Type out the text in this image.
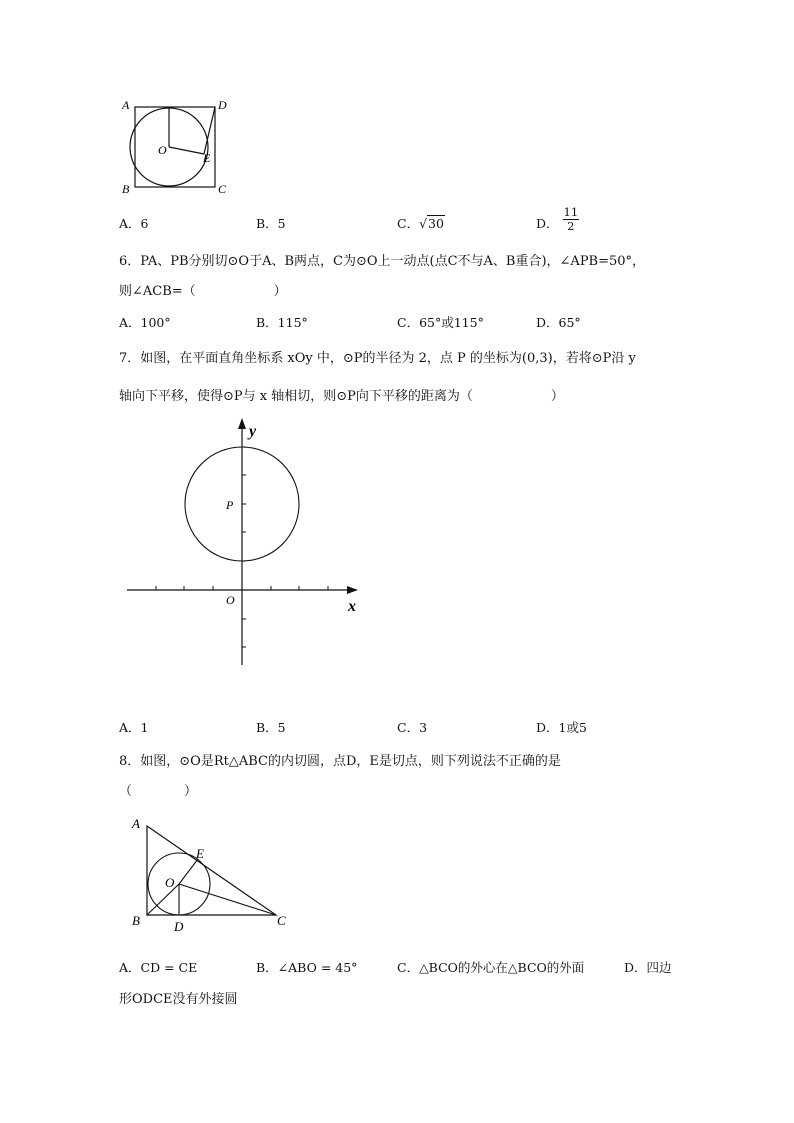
A	D
O
E
B	C
A．6	B．5	C．√30	D． $\frac{11}{2}$
6．PA、PB分别切⊙O于A、B两点，C为⊙O上一动点(点C不与A、B重合)，∠APB=50°，
则∠ACB=（　　　　　　）
A．100°	B．115°	C．65°或115°	D．65°
7．如图，在平面直角坐标系 xOy 中，⊙P的半径为 2，点 P 的坐标为(0,3)，若将⊙P沿 y
轴向下平移，使得⊙P与 x 轴相切，则⊙P向下平移的距离为（　　　　　　）
y
x
P
O
A．1	B．5	C．3	D．1或5
8．如图，⊙O是Rt△ABC的内切圆，点D，E是切点，则下列说法不正确的是
（　　　　）
A
E
O
B	D	C
A．CD = CE	B．∠ABO = 45°	C．△BCO的外心在△BCO的外面	D．四边
形ODCE没有外接圆
